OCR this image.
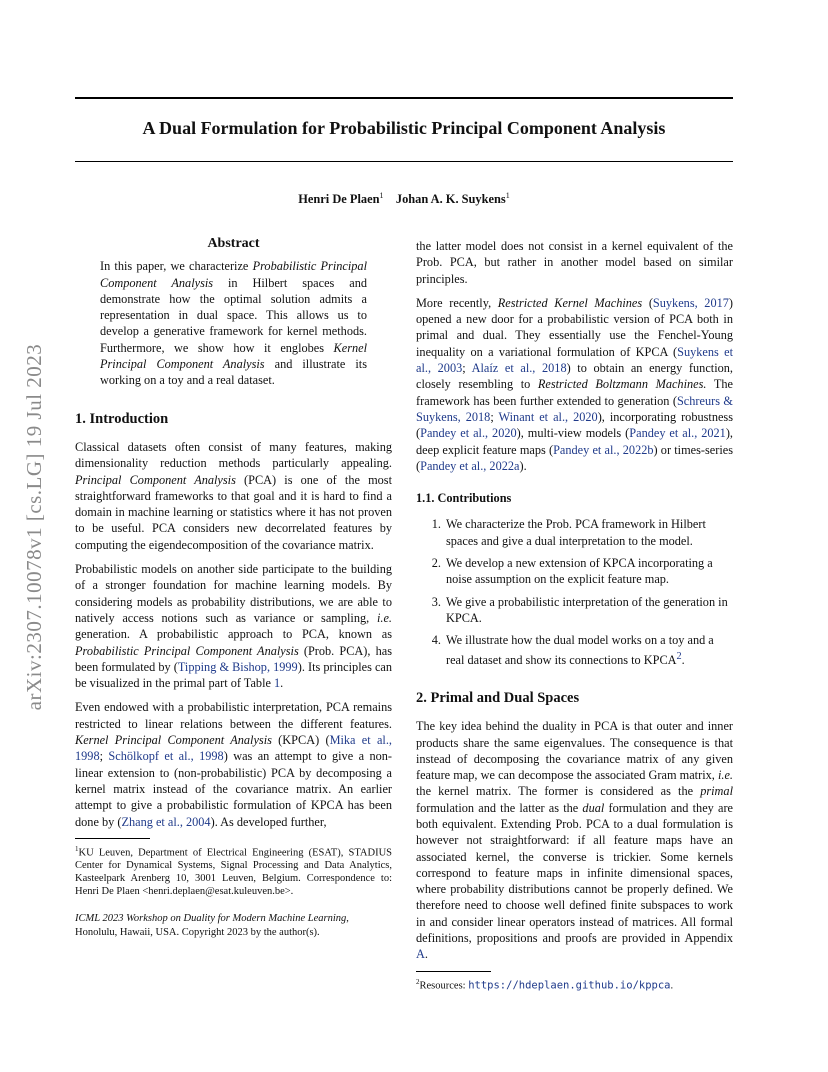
arXiv:2307.10078v1 [cs.LG] 19 Jul 2023
A Dual Formulation for Probabilistic Principal Component Analysis
Henri De Plaen$^1$ Johan A. K. Suykens$^1$
Abstract

In this paper, we characterize Probabilistic Principal Component Analysis in Hilbert spaces and demonstrate how the optimal solution admits a representation in dual space. This allows us to develop a generative framework for kernel methods. Furthermore, we show how it englobes Kernel Principal Component Analysis and illustrate its working on a toy and a real dataset.

1. Introduction

Classical datasets often consist of many features, making dimensionality reduction methods particularly appealing. Principal Component Analysis (PCA) is one of the most straightforward frameworks to that goal and it is hard to find a domain in machine learning or statistics where it has not proven to be useful. PCA considers new decorrelated features by computing the eigendecomposition of the covariance matrix.

Probabilistic models on another side participate to the building of a stronger foundation for machine learning models. By considering models as probability distributions, we are able to natively access notions such as variance or sampling, i.e. generation. A probabilistic approach to PCA, known as Probabilistic Principal Component Analysis (Prob. PCA), has been formulated by (Tipping & Bishop, 1999). Its principles can be visualized in the primal part of Table 1.

Even endowed with a probabilistic interpretation, PCA remains restricted to linear relations between the different features. Kernel Principal Component Analysis (KPCA) (Mika et al., 1998; Schölkopf et al., 1998) was an attempt to give a non-linear extension to (non-probabilistic) PCA by decomposing a kernel matrix instead of the covariance matrix. An earlier attempt to give a probabilistic formulation of KPCA has been done by (Zhang et al., 2004). As developed further,

$^1$KU Leuven, Department of Electrical Engineering (ESAT), STADIUS Center for Dynamical Systems, Signal Processing and Data Analytics, Kasteelpark Arenberg 10, 3001 Leuven, Belgium. Correspondence to: Henri De Plaen <henri.deplaen@esat.kuleuven.be>.
ICML 2023 Workshop on Duality for Modern Machine Learning, Honolulu, Hawaii, USA. Copyright 2023 by the author(s).

the latter model does not consist in a kernel equivalent of the Prob. PCA, but rather in another model based on similar principles.

More recently, Restricted Kernel Machines (Suykens, 2017) opened a new door for a probabilistic version of PCA both in primal and dual. They essentially use the Fenchel-Young inequality on a variational formulation of KPCA (Suykens et al., 2003; Alaíz et al., 2018) to obtain an energy function, closely resembling to Restricted Boltzmann Machines. The framework has been further extended to generation (Schreurs & Suykens, 2018; Winant et al., 2020), incorporating robustness (Pandey et al., 2020), multi-view models (Pandey et al., 2021), deep explicit feature maps (Pandey et al., 2022b) or times-series (Pandey et al., 2022a).

1.1. Contributions
1. We characterize the Prob. PCA framework in Hilbert spaces and give a dual interpretation to the model.
2. We develop a new extension of KPCA incorporating a noise assumption on the explicit feature map.
3. We give a probabilistic interpretation of the generation in KPCA.
4. We illustrate how the dual model works on a toy and a real dataset and show its connections to KPCA$^2$.
2. Primal and Dual Spaces

The key idea behind the duality in PCA is that outer and inner products share the same eigenvalues. The consequence is that instead of decomposing the covariance matrix of any given feature map, we can decompose the associated Gram matrix, i.e. the kernel matrix. The former is considered as the primal formulation and the latter as the dual formulation and they are both equivalent. Extending Prob. PCA to a dual formulation is however not straightforward: if all feature maps have an associated kernel, the converse is trickier. Some kernels correspond to feature maps in infinite dimensional spaces, where probability distributions cannot be properly defined. We therefore need to choose well defined finite subspaces to work in and consider linear operators instead of matrices. All formal definitions, propositions and proofs are provided in Appendix A.

$^2$Resources: https://hdeplaen.github.io/kppca.
